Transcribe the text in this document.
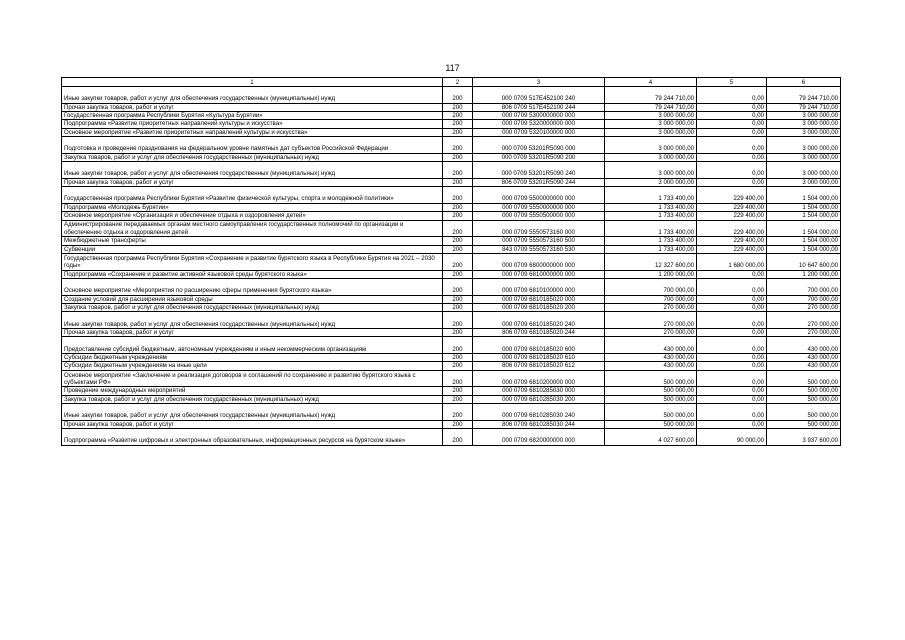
117
1	2	3	4	5	6
Иные закупки товаров, работ и услуг для обеспечения государственных (муниципальных) нужд	200	000 0709 517Е452100 240	79 244 710,00	0,00	79 244 710,00
Прочая закупка товаров, работ и услуг	200	806 0709 517Е452100 244	79 244 710,00	0,00	79 244 710,00
Государственная программа Республики Бурятия «Культура Бурятии»	200	000 0709 5300000000 000	3 000 000,00	0,00	3 000 000,00
Подпрограмма «Развитие приоритетных направлений культуры и искусства»	200	000 0709 5320000000 000	3 000 000,00	0,00	3 000 000,00
Основное мероприятие «Развитие приоритетных направлений культуры и искусства»	200	000 0709 5320100000 000	3 000 000,00	0,00	3 000 000,00
Подготовка и проведение празднования на федеральном уровне памятных дат субъектов Российской Федерации	200	000 0709 53201R5090 000	3 000 000,00	0,00	3 000 000,00
Закупка товаров, работ и услуг для обеспечения государственных (муниципальных) нужд	200	000 0709 53201R5090 200	3 000 000,00	0,00	3 000 000,00
Иные закупки товаров, работ и услуг для обеспечения государственных (муниципальных) нужд	200	000 0709 53201R5090 240	3 000 000,00	0,00	3 000 000,00
Прочая закупка товаров, работ и услуг	200	806 0709 53201R5090 244	3 000 000,00	0,00	3 000 000,00
Государственная программа Республики Бурятия «Развитие физической культуры, спорта и молодежной политики»	200	000 0709 5500000000 000	1 733 400,00	229 400,00	1 504 000,00
Подпрограмма «Молодежь Бурятии»	200	000 0709 5550000000 000	1 733 400,00	229 400,00	1 504 000,00
Основное мероприятие «Организация и обеспечение отдыха и оздоровления детей»	200	000 0709 5550500000 000	1 733 400,00	229 400,00	1 504 000,00
Администрирование передаваемых органам местного самоуправления государственных полномочий по организации и обеспечению отдыха и оздоровления детей	200	000 0709 5550573160 000	1 733 400,00	229 400,00	1 504 000,00
Межбюджетные трансферты	200	000 0709 5550573160 500	1 733 400,00	229 400,00	1 504 000,00
Субвенции	200	843 0709 5550573160 530	1 733 400,00	229 400,00	1 504 000,00
Государственная программа Республики Бурятия «Сохранение и развитие бурятского языка в Республике Бурятия на 2021 – 2030 годы»	200	000 0709 6800000000 000	12 327 600,00	1 680 000,00	10 647 600,00
Подпрограмма «Сохранение и развитие активной языковой среды бурятского языка»	200	000 0709 6810000000 000	1 200 000,00	0,00	1 200 000,00
Основное мероприятие «Мероприятия по расширению сферы применения бурятского языка»	200	000 0709 6810100000 000	700 000,00	0,00	700 000,00
Создание условий для расширения языковой среды	200	000 0709 6810185020 000	700 000,00	0,00	700 000,00
Закупка товаров, работ и услуг для обеспечения государственных (муниципальных) нужд	200	000 0709 6810185020 200	270 000,00	0,00	270 000,00
Иные закупки товаров, работ и услуг для обеспечения государственных (муниципальных) нужд	200	000 0709 6810185020 240	270 000,00	0,00	270 000,00
Прочая закупка товаров, работ и услуг	200	806 0709 6810185020 244	270 000,00	0,00	270 000,00
Предоставление субсидий бюджетным, автономным учреждениям и иным некоммерческим организациям	200	000 0709 6810185020 600	430 000,00	0,00	430 000,00
Субсидии бюджетным учреждениям	200	000 0709 6810185020 610	430 000,00	0,00	430 000,00
Субсидии бюджетным учреждениям на иные цели	200	806 0709 6810185020 612	430 000,00	0,00	430 000,00
Основное мероприятие «Заключение и реализация договоров и соглашений по сохранению и развитию бурятского языка с субъектами РФ»	200	000 0709 6810200000 000	500 000,00	0,00	500 000,00
Проведение международных мероприятий	200	000 0709 6810285030 000	500 000,00	0,00	500 000,00
Закупка товаров, работ и услуг для обеспечения государственных (муниципальных) нужд	200	000 0709 6810285030 200	500 000,00	0,00	500 000,00
Иные закупки товаров, работ и услуг для обеспечения государственных (муниципальных) нужд	200	000 0709 6810285030 240	500 000,00	0,00	500 000,00
Прочая закупка товаров, работ и услуг	200	806 0709 6810285030 244	500 000,00	0,00	500 000,00
Подпрограмма «Развитие цифровых и электронных образовательных, информационных ресурсов на бурятском языке»	200	000 0709 6820000000 000	4 027 600,00	90 000,00	3 937 600,00
